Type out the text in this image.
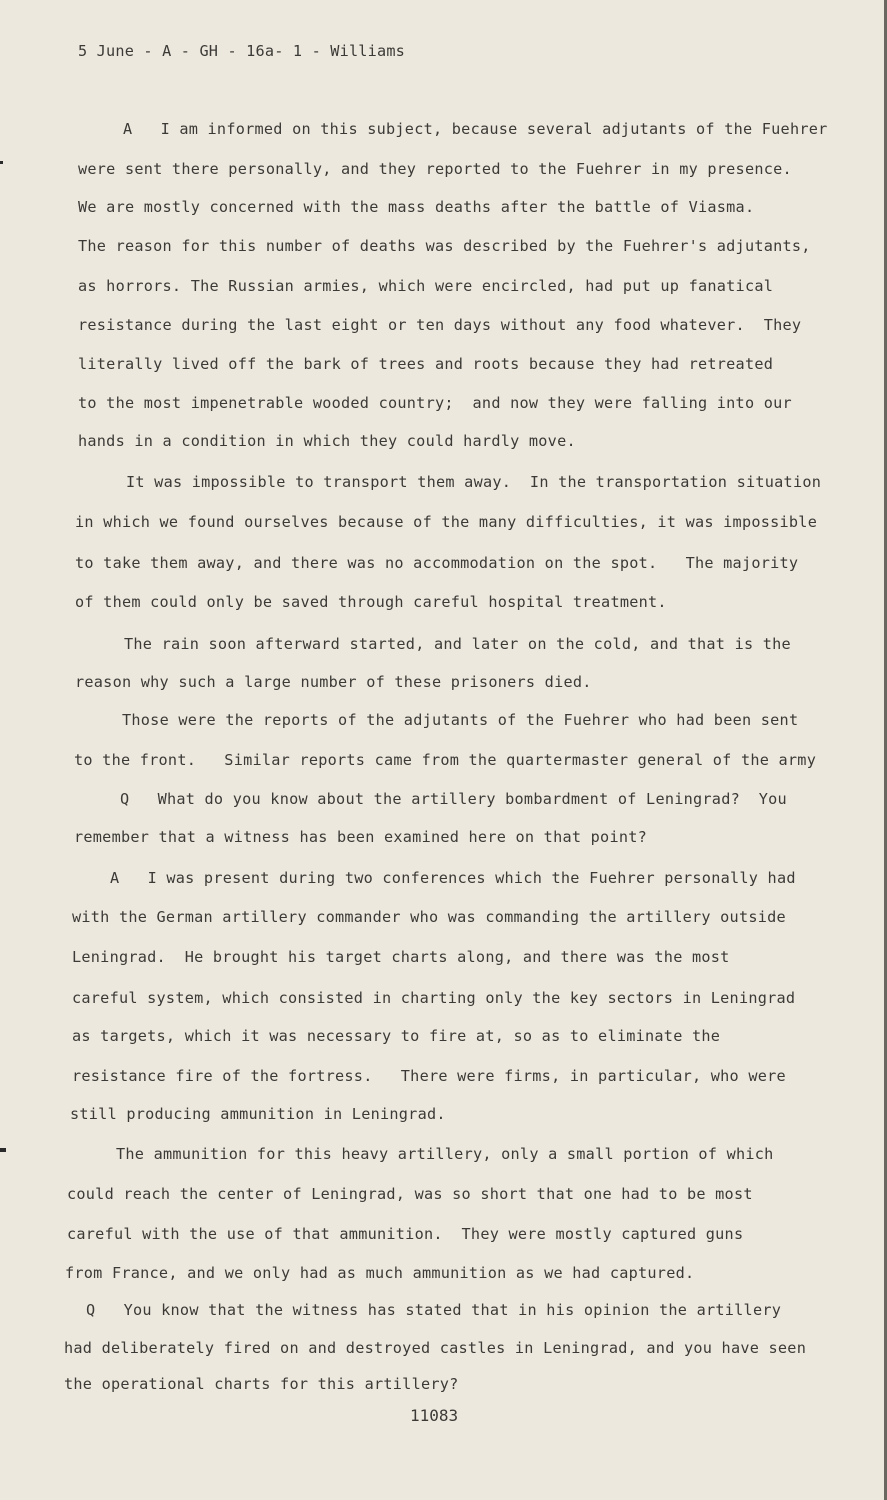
5 June - A - GH - 16a- 1 - Williams
A   I am informed on this subject, because several adjutants of the Fuehrer
were sent there personally, and they reported to the Fuehrer in my presence.
We are mostly concerned with the mass deaths after the battle of Viasma.
The reason for this number of deaths was described by the Fuehrer's adjutants,
as horrors. The Russian armies, which were encircled, had put up fanatical
resistance during the last eight or ten days without any food whatever.  They
literally lived off the bark of trees and roots because they had retreated
to the most impenetrable wooded country;  and now they were falling into our
hands in a condition in which they could hardly move.
It was impossible to transport them away.  In the transportation situation
in which we found ourselves because of the many difficulties, it was impossible
to take them away, and there was no accommodation on the spot.   The majority
of them could only be saved through careful hospital treatment.
The rain soon afterward started, and later on the cold, and that is the
reason why such a large number of these prisoners died.
Those were the reports of the adjutants of the Fuehrer who had been sent
to the front.   Similar reports came from the quartermaster general of the army
Q   What do you know about the artillery bombardment of Leningrad?  You
remember that a witness has been examined here on that point?
A   I was present during two conferences which the Fuehrer personally had
with the German artillery commander who was commanding the artillery outside
Leningrad.  He brought his target charts along, and there was the most
careful system, which consisted in charting only the key sectors in Leningrad
as targets, which it was necessary to fire at, so as to eliminate the
resistance fire of the fortress.   There were firms, in particular, who were
still producing ammunition in Leningrad.
The ammunition for this heavy artillery, only a small portion of which
could reach the center of Leningrad, was so short that one had to be most
careful with the use of that ammunition.  They were mostly captured guns
from France, and we only had as much ammunition as we had captured.
Q   You know that the witness has stated that in his opinion the artillery
had deliberately fired on and destroyed castles in Leningrad, and you have seen
the operational charts for this artillery?
11083
